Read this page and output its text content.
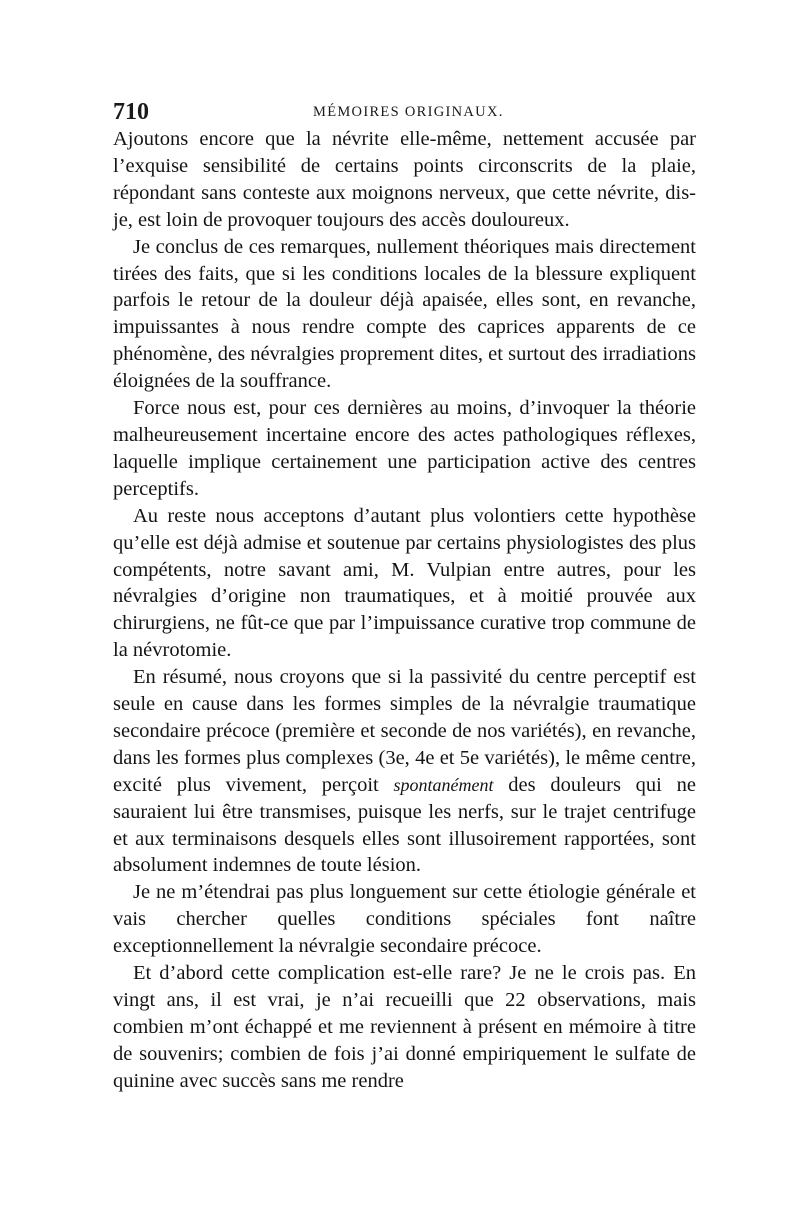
710	MÉMOIRES ORIGINAUX.

Ajoutons encore que la névrite elle-même, nettement accusée par l’exquise sensibilité de certains points circonscrits de la plaie, répondant sans conteste aux moignons nerveux, que cette névrite, dis-je, est loin de provoquer toujours des accès douloureux.

Je conclus de ces remarques, nullement théoriques mais directement tirées des faits, que si les conditions locales de la blessure expliquent parfois le retour de la douleur déjà apaisée, elles sont, en revanche, impuissantes à nous rendre compte des caprices apparents de ce phénomène, des névralgies proprement dites, et surtout des irradiations éloignées de la souffrance.

Force nous est, pour ces dernières au moins, d’invoquer la théorie malheureusement incertaine encore des actes pathologiques réflexes, laquelle implique certainement une participation active des centres perceptifs.

Au reste nous acceptons d’autant plus volontiers cette hypothèse qu’elle est déjà admise et soutenue par certains physiologistes des plus compétents, notre savant ami, M. Vulpian entre autres, pour les névralgies d’origine non traumatiques, et à moitié prouvée aux chirurgiens, ne fût-ce que par l’impuissance curative trop commune de la névrotomie.

En résumé, nous croyons que si la passivité du centre perceptif est seule en cause dans les formes simples de la névralgie traumatique secondaire précoce (première et seconde de nos variétés), en revanche, dans les formes plus complexes (3e, 4e et 5e variétés), le même centre, excité plus vivement, perçoit spontanément des douleurs qui ne sauraient lui être transmises, puisque les nerfs, sur le trajet centrifuge et aux terminaisons desquels elles sont illusoirement rapportées, sont absolument indemnes de toute lésion.

Je ne m’étendrai pas plus longuement sur cette étiologie générale et vais chercher quelles conditions spéciales font naître exceptionnellement la névralgie secondaire précoce.

Et d’abord cette complication est-elle rare? Je ne le crois pas. En vingt ans, il est vrai, je n’ai recueilli que 22 observations, mais combien m’ont échappé et me reviennent à présent en mémoire à titre de souvenirs; combien de fois j’ai donné empiriquement le sulfate de quinine avec succès sans me rendre
